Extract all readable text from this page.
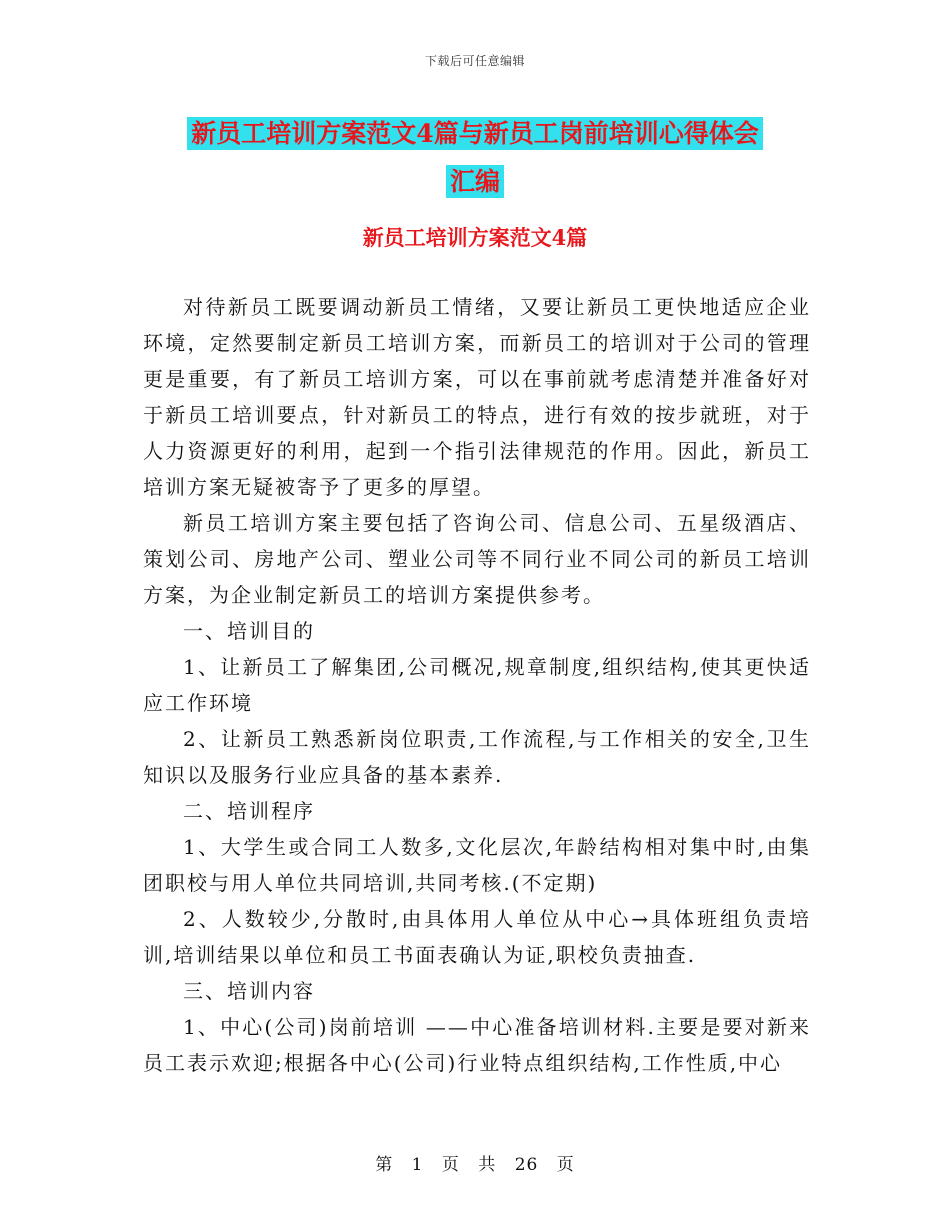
下载后可任意编辑
新员工培训方案范文4篇与新员工岗前培训心得体会
汇编
新员工培训方案范文4篇

对待新员工既要调动新员工情绪，又要让新员工更快地适应企业环境，定然要制定新员工培训方案，而新员工的培训对于公司的管理更是重要，有了新员工培训方案，可以在事前就考虑清楚并准备好对于新员工培训要点，针对新员工的特点，进行有效的按步就班，对于人力资源更好的利用，起到一个指引法律规范的作用。因此，新员工培训方案无疑被寄予了更多的厚望。

新员工培训方案主要包括了咨询公司、信息公司、五星级酒店、策划公司、房地产公司、塑业公司等不同行业不同公司的新员工培训方案，为企业制定新员工的培训方案提供参考。

一、培训目的

1、让新员工了解集团,公司概况,规章制度,组织结构,使其更快适应工作环境

2、让新员工熟悉新岗位职责,工作流程,与工作相关的安全,卫生知识以及服务行业应具备的基本素养.

二、培训程序

1、大学生或合同工人数多,文化层次,年龄结构相对集中时,由集团职校与用人单位共同培训,共同考核.(不定期)

2、人数较少,分散时,由具体用人单位从中心→具体班组负责培训,培训结果以单位和员工书面表确认为证,职校负责抽查.

三、培训内容

1、中心(公司)岗前培训 ——中心准备培训材料.主要是要对新来员工表示欢迎;根据各中心(公司)行业特点组织结构,工作性质,中心

第 1 页 共 26 页
